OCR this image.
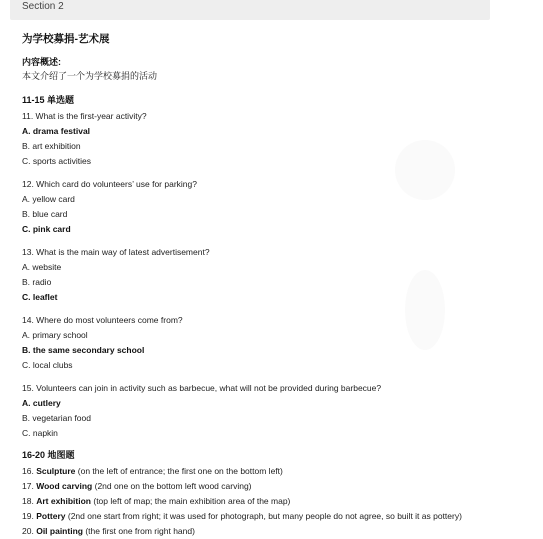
Section 2
为学校募捐-艺术展
内容概述:
本文介绍了一个为学校募捐的活动
11-15 单选题
11. What is the first-year activity?
A. drama festival
B. art exhibition
C. sports activities
12. Which card do volunteers’ use for parking?
A. yellow card
B. blue card
C. pink card
13. What is the main way of latest advertisement?
A. website
B. radio
C. leaflet
14. Where do most volunteers come from?
A. primary school
B. the same secondary school
C. local clubs
15. Volunteers can join in activity such as barbecue, what will not be provided during barbecue?
A. cutlery
B. vegetarian food
C. napkin
16-20 地图题
16. Sculpture (on the left of entrance; the first one on the bottom left)
17. Wood carving (2nd one on the bottom left wood carving)
18. Art exhibition (top left of map; the main exhibition area of the map)
19. Pottery (2nd one start from right; it was used for photograph, but many people do not agree, so built it as pottery)
20. Oil painting (the first one from right hand)
